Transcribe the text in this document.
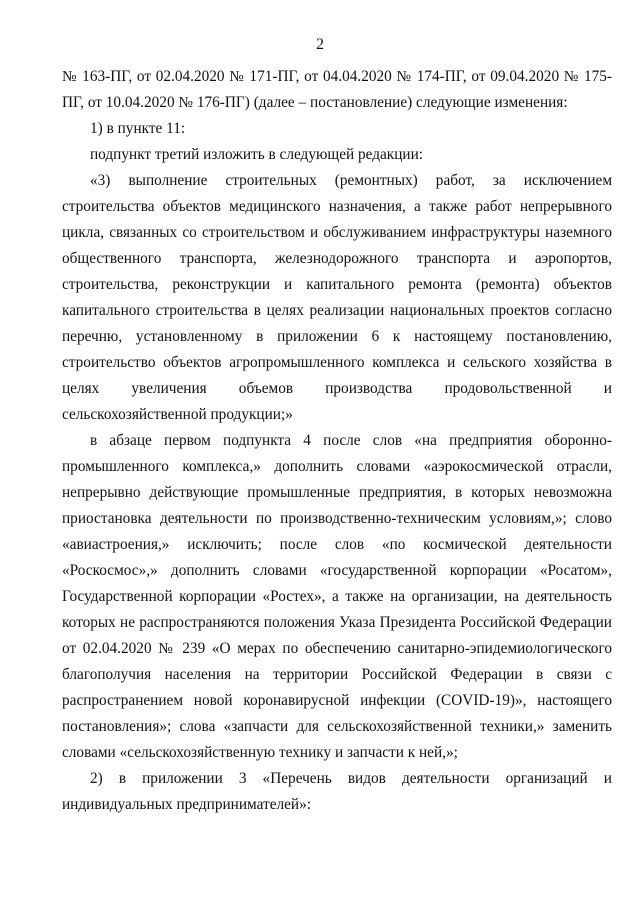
2

№ 163-ПГ, от 02.04.2020 № 171-ПГ, от 04.04.2020 № 174-ПГ, от 09.04.2020 № 175-ПГ, от 10.04.2020 № 176-ПГ) (далее – постановление) следующие изменения:

1) в пункте 11:

подпункт третий изложить в следующей редакции:

«3) выполнение строительных (ремонтных) работ, за исключением строительства объектов медицинского назначения, а также работ непрерывного цикла, связанных со строительством и обслуживанием инфраструктуры наземного общественного транспорта, железнодорожного транспорта и аэропортов, строительства, реконструкции и капитального ремонта (ремонта) объектов капитального строительства в целях реализации национальных проектов согласно перечню, установленному в приложении 6 к настоящему постановлению, строительство объектов агропромышленного комплекса и сельского хозяйства в целях увеличения объемов производства продовольственной и сельскохозяйственной продукции;»

в абзаце первом подпункта 4 после слов «на предприятия оборонно-промышленного комплекса,» дополнить словами «аэрокосмической отрасли, непрерывно действующие промышленные предприятия, в которых невозможна приостановка деятельности по производственно-техническим условиям,»; слово «авиастроения,» исключить; после слов «по космической деятельности «Роскосмос»,» дополнить словами «государственной корпорации «Росатом», Государственной корпорации «Ростех», а также на организации, на деятельность которых не распространяются положения Указа Президента Российской Федерации от 02.04.2020 № 239 «О мерах по обеспечению санитарно-эпидемиологического благополучия населения на территории Российской Федерации в связи с распространением новой коронавирусной инфекции (COVID-19)», настоящего постановления»; слова «запчасти для сельскохозяйственной техники,» заменить словами «сельскохозяйственную технику и запчасти к ней,»;

2) в приложении 3 «Перечень видов деятельности организаций и индивидуальных предпринимателей»:
